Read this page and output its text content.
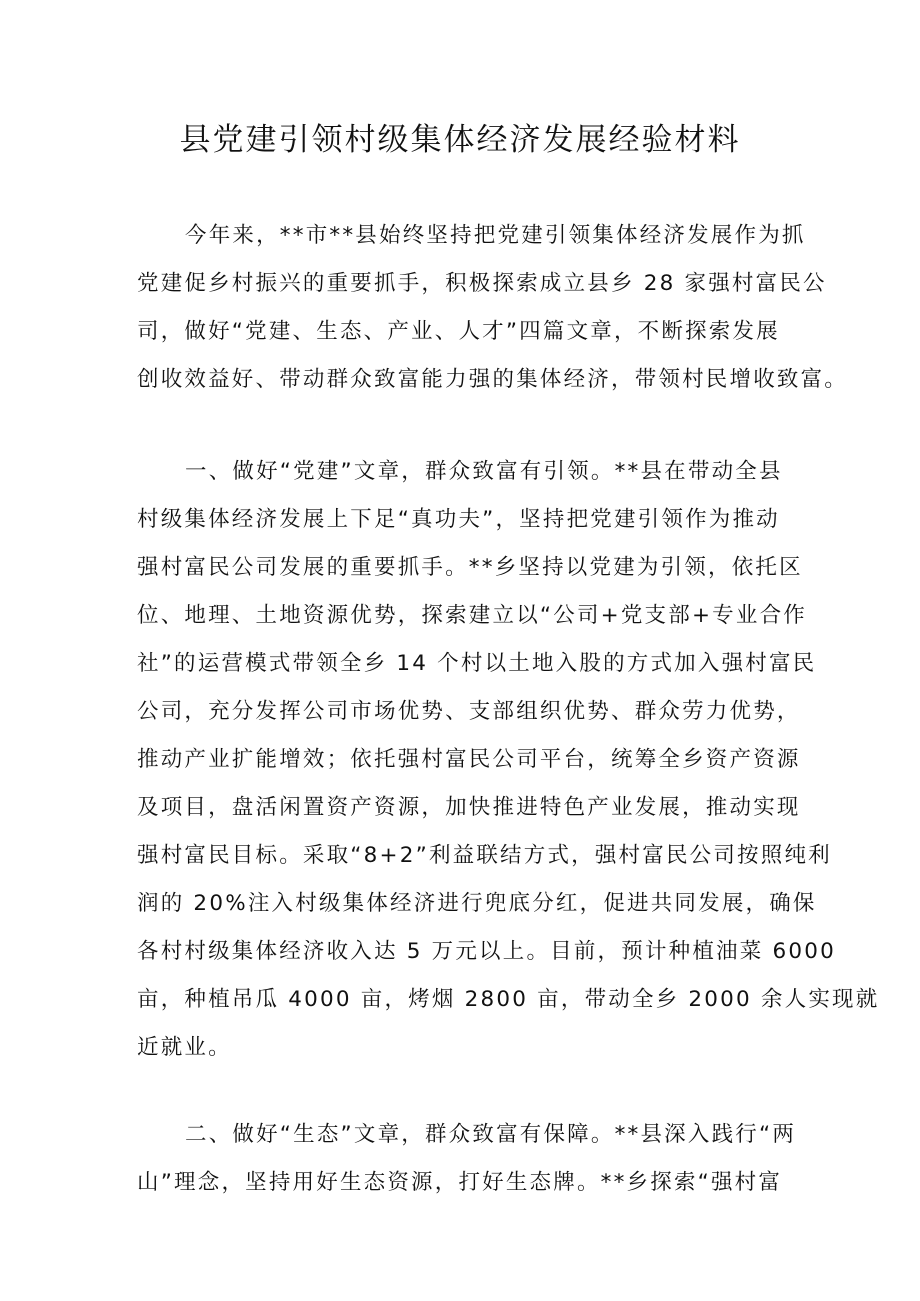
县党建引领村级集体经济发展经验材料
今年来，**市**县始终坚持把党建引领集体经济发展作为抓
党建促乡村振兴的重要抓手，积极探索成立县乡 28 家强村富民公
司，做好“党建、生态、产业、人才”四篇文章，不断探索发展
创收效益好、带动群众致富能力强的集体经济，带领村民增收致富。
一、做好“党建”文章，群众致富有引领。**县在带动全县
村级集体经济发展上下足“真功夫”，坚持把党建引领作为推动
强村富民公司发展的重要抓手。**乡坚持以党建为引领，依托区
位、地理、土地资源优势，探索建立以“公司+党支部+专业合作
社”的运营模式带领全乡 14 个村以土地入股的方式加入强村富民
公司，充分发挥公司市场优势、支部组织优势、群众劳力优势，
推动产业扩能增效；依托强村富民公司平台，统筹全乡资产资源
及项目，盘活闲置资产资源，加快推进特色产业发展，推动实现
强村富民目标。采取“8+2”利益联结方式，强村富民公司按照纯利
润的 20%注入村级集体经济进行兜底分红，促进共同发展，确保
各村村级集体经济收入达 5 万元以上。目前，预计种植油菜 6000
亩，种植吊瓜 4000 亩，烤烟 2800 亩，带动全乡 2000 余人实现就
近就业。
二、做好“生态”文章，群众致富有保障。**县深入践行“两
山”理念，坚持用好生态资源，打好生态牌。**乡探索“强村富
